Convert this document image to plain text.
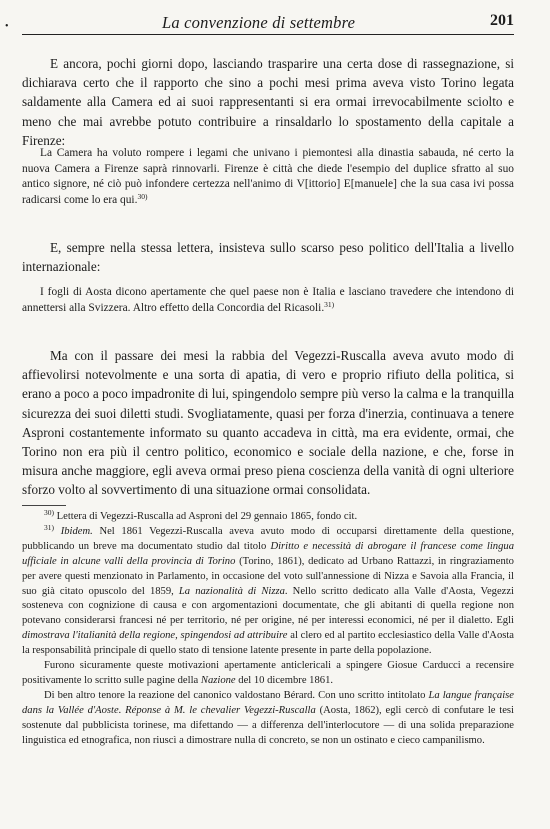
•	La convenzione di settembre	201

E ancora, pochi giorni dopo, lasciando trasparire una certa dose di rassegnazione, si dichiarava certo che il rapporto che sino a pochi mesi prima aveva visto Torino legata saldamente alla Camera ed ai suoi rappresentanti si era ormai irrevocabilmente sciolto e meno che mai avrebbe potuto contribuire a rinsaldarlo lo spostamento della capitale a Firenze:

La Camera ha voluto rompere i legami che univano i piemontesi alla dinastia sabauda, né certo la nuova Camera a Firenze saprà rinnovarli. Firenze è città che diede l'esempio del duplice sfratto al suo antico signore, né ciò può infondere certezza nell'animo di V[ittorio] E[manuele] che la sua casa ivi possa radicarsi come lo era qui.$^{30)}$

E, sempre nella stessa lettera, insisteva sullo scarso peso politico dell'Italia a livello internazionale:

I fogli di Aosta dicono apertamente che quel paese non è Italia e lasciano travedere che intendono di annettersi alla Svizzera. Altro effetto della Concordia del Ricasoli.$^{31)}$

Ma con il passare dei mesi la rabbia del Vegezzi-Ruscalla aveva avuto modo di affievolirsi notevolmente e una sorta di apatia, di vero e proprio rifiuto della politica, si erano a poco a poco impadronite di lui, spingendolo sempre più verso la calma e la tranquilla sicurezza dei suoi diletti studi. Svogliatamente, quasi per forza d'inerzia, continuava a tenere Asproni costantemente informato su quanto accadeva in città, ma era evidente, ormai, che Torino non era più il centro politico, economico e sociale della nazione, e che, forse in misura anche maggiore, egli aveva ormai preso piena coscienza della vanità di ogni ulteriore sforzo volto al sovvertimento di una situazione ormai consolidata.

$^{30)}$ Lettera di Vegezzi-Ruscalla ad Asproni del 29 gennaio 1865, fondo cit.

$^{31)}$ Ibidem. Nel 1861 Vegezzi-Ruscalla aveva avuto modo di occuparsi direttamente della questione, pubblicando un breve ma documentato studio dal titolo Diritto e necessità di abrogare il francese come lingua ufficiale in alcune valli della provincia di Torino (Torino, 1861), dedicato ad Urbano Rattazzi, in ringraziamento per avere questi menzionato in Parlamento, in occasione del voto sull'annessione di Nizza e Savoia alla Francia, il suo già citato opuscolo del 1859, La nazionalità di Nizza. Nello scritto dedicato alla Valle d'Aosta, Vegezzi sosteneva con cognizione di causa e con argomentazioni documentate, che gli abitanti di quella regione non potevano considerarsi francesi né per territorio, né per origine, né per interessi economici, né per il dialetto. Egli dimostrava l'italianità della regione, spingendosi ad attribuire al clero ed al partito ecclesiastico della Valle d'Aosta la responsabilità principale di quello stato di tensione latente presente in parte della popolazione.

Furono sicuramente queste motivazioni apertamente anticlericali a spingere Giosue Carducci a recensire positivamente lo scritto sulle pagine della Nazione del 10 dicembre 1861.

Di ben altro tenore la reazione del canonico valdostano Bérard. Con uno scritto intitolato La langue française dans la Vallée d'Aoste. Réponse à M. le chevalier Vegezzi-Ruscalla (Aosta, 1862), egli cercò di confutare le tesi sostenute dal pubblicista torinese, ma difettando — a differenza dell'interlocutore — di una solida preparazione linguistica ed etnografica, non riuscì a dimostrare nulla di concreto, se non un ostinato e cieco campanilismo.
